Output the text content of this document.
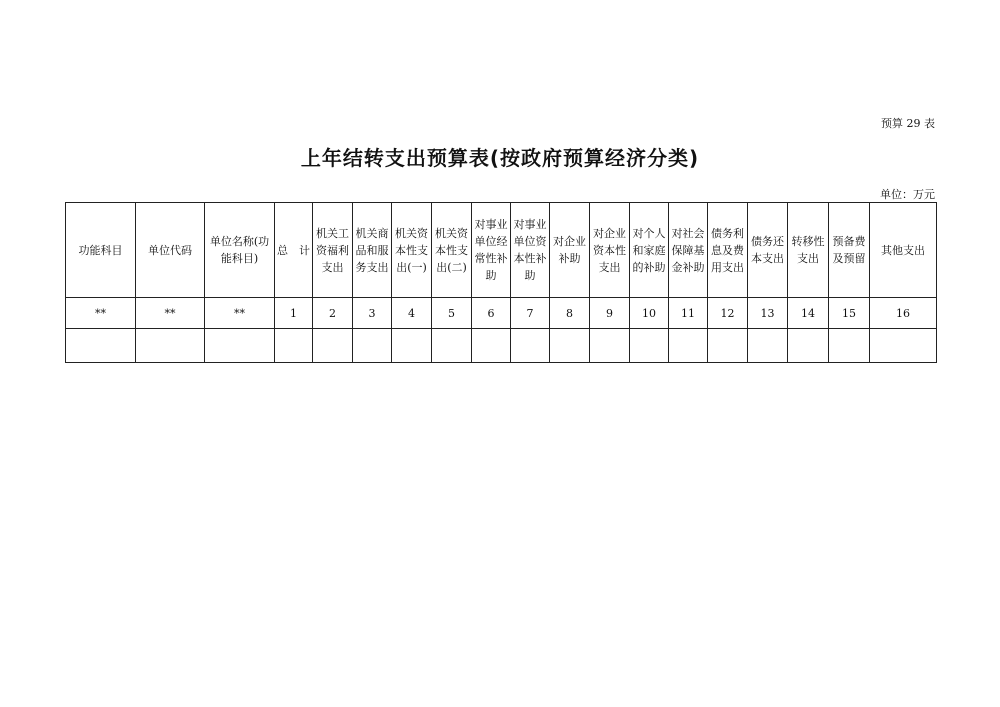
预算 29 表
上年结转支出预算表(按政府预算经济分类)
单位：万元
功能科目	单位代码	单位名称(功能科目)	总　计	机关工资福利支出	机关商品和服务支出	机关资本性支出(一)	机关资本性支出(二)	对事业单位经常性补助	对事业单位资本性补助	对企业补助	对企业资本性支出	对个人和家庭的补助	对社会保障基金补助	债务利息及费用支出	债务还本支出	转移性支出	预备费及预留	其他支出
**	**	**	1	2	3	4	5	6	7	8	9	10	11	12	13	14	15	16
